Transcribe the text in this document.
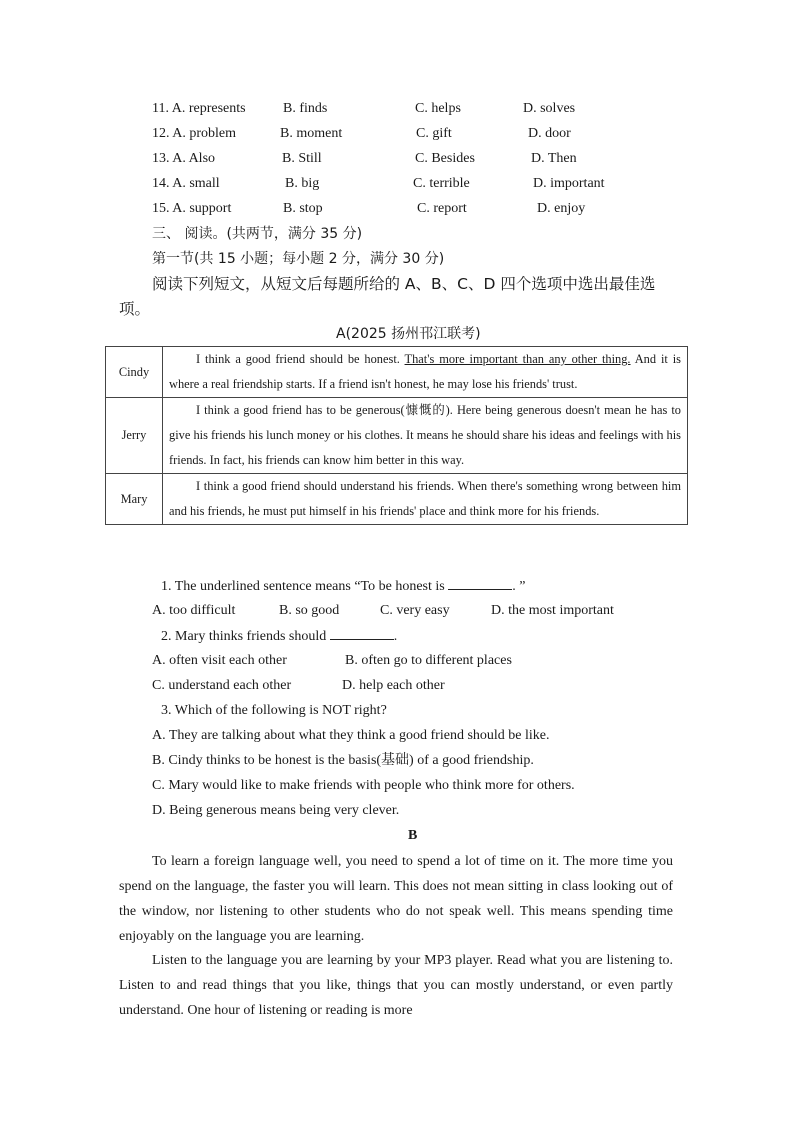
11. A. represents	B. finds	C. helps	D. solves
12. A. problem	B. moment	C. gift	D. door
13. A. Also	B. Still	C. Besides	D. Then
14. A. small	B. big	C. terrible	D. important
15. A. support	B. stop	C. report	D. enjoy
三、 阅读。(共两节，满分 35 分)
第一节(共 15 小题；每小题 2 分，满分 30 分)
阅读下列短文，从短文后每题所给的 A、B、C、D 四个选项中选出最佳选
项。
A(2025 扬州邗江联考)
Cindy	I think a good friend should be honest. That's more important than any other thing. And it is where a real friendship starts. If a friend isn't honest, he may lose his friends' trust.
Jerry	I think a good friend has to be generous(慷慨的). Here being generous doesn't mean he has to give his friends his lunch money or his clothes. It means he should share his ideas and feelings with his friends. In fact, his friends can know him better in this way.
Mary	I think a good friend should understand his friends. When there's something wrong between him and his friends, he must put himself in his friends' place and think more for his friends.
1. The underlined sentence means “To be honest is	. ”
A. too difficult	B. so good	C. very easy	D. the most important
2. Mary thinks friends should	.
A. often visit each other	B. often go to different places
C. understand each other	D. help each other
3. Which of the following is NOT right?
A. They are talking about what they think a good friend should be like.
B. Cindy thinks to be honest is the basis(基础) of a good friendship.
C. Mary would like to make friends with people who think more for others.
D. Being generous means being very clever.
B
To learn a foreign language well, you need to spend a lot of time on it. The more time you spend on the language, the faster you will learn. This does not mean sitting in class looking out of the window, nor listening to other students who do not speak well. This means spending time enjoyably on the language you are learning.
Listen to the language you are learning by your MP3 player. Read what you are listening to. Listen to and read things that you like, things that you can mostly understand, or even partly understand. One hour of listening or reading is more
